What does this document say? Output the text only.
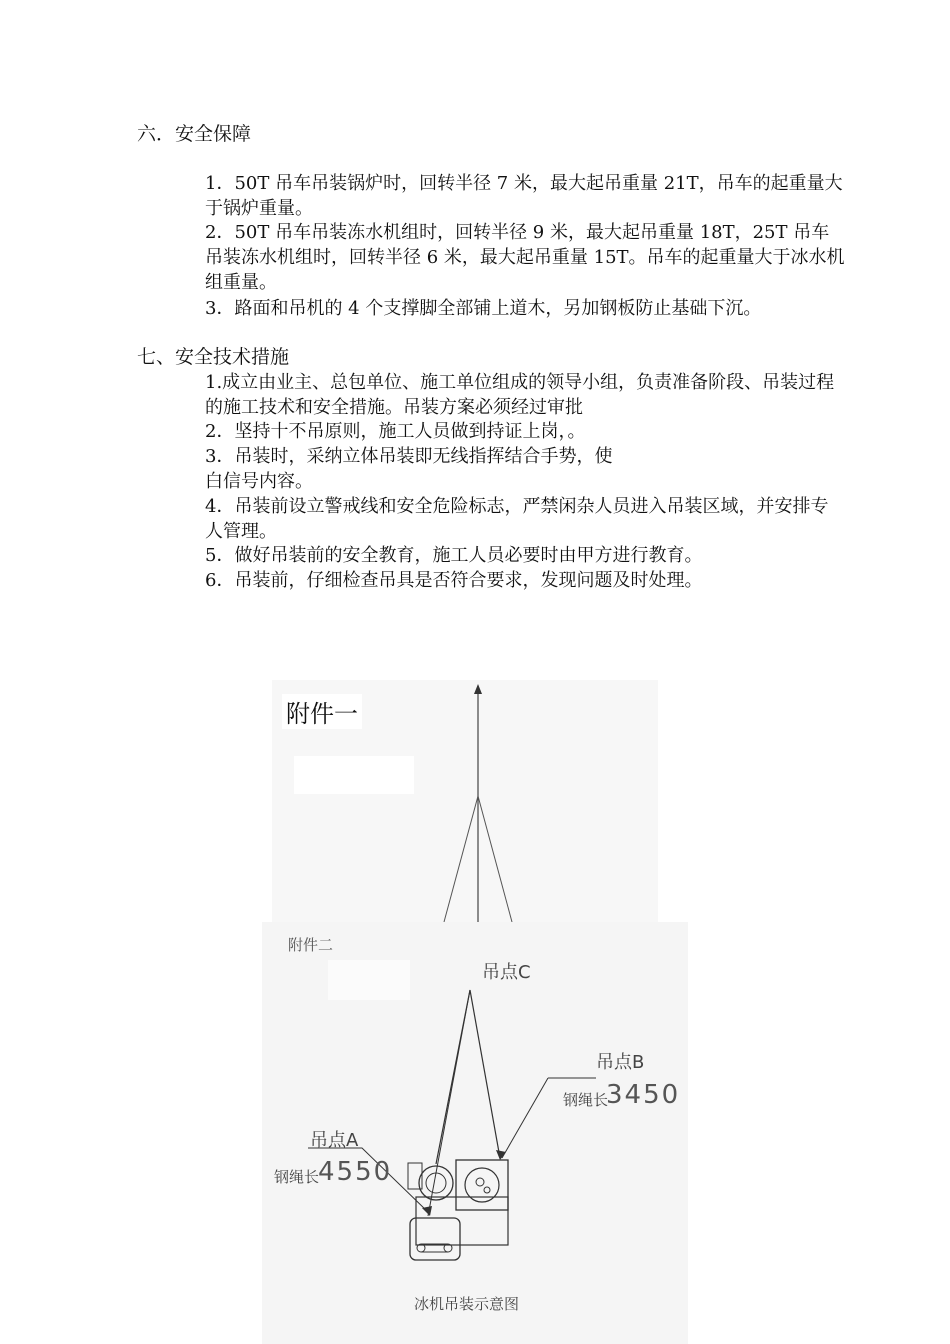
六．安全保障
1．50T 吊车吊装锅炉时，回转半径 7 米，最大起吊重量 21T，吊车的起重量大于锅炉重量。
2．50T 吊车吊装冻水机组时，回转半径 9 米，最大起吊重量 18T，25T 吊车吊装冻水机组时，回转半径 6 米，最大起吊重量 15T。吊车的起重量大于冰水机组重量。
3．路面和吊机的 4 个支撑脚全部铺上道木，另加钢板防止基础下沉。
七、安全技术措施
1.成立由业主、总包单位、施工单位组成的领导小组，负责准备阶段、吊装过程的施工技术和安全措施。吊装方案必须经过审批
2．坚持十不吊原则，施工人员做到持证上岗，。
3．吊装时，采纳立体吊装即无线指挥结合手势，使
白信号内容。
4．吊装前设立警戒线和安全危险标志，严禁闲杂人员进入吊装区域，并安排专人管理。
5．做好吊装前的安全教育，施工人员必要时由甲方进行教育。
6．吊装前，仔细检查吊具是否符合要求，发现问题及时处理。
附件一
附件二
吊点C
吊点B
钢绳长
3450
吊点A
钢绳长
4550
冰机吊装示意图
